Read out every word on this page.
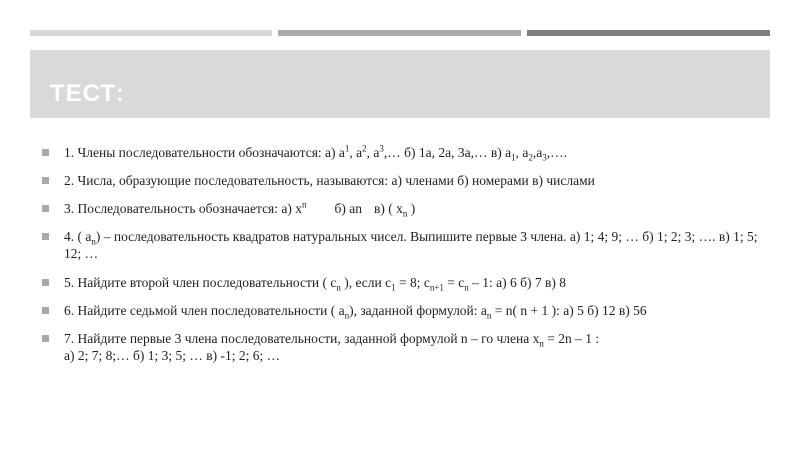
ТЕСТ:
1. Члены последовательности обозначаются: а) $а^1$, $а^2$, $а^3,\dots$ б) 1а, 2а, 3а,… в) $а_1$, $а_2,а_3,\dots$.
2. Числа, образующие последовательность, называются: а) членами б) номерами в) числами
3. Последовательность обозначается: а) $x^n$ б) an в) ( $x_n$ )
4. ( $а_n$) – последовательность квадратов натуральных чисел. Выпишите первые 3 члена. а) 1; 4; 9; … б) 1; 2; 3; …. в) 1; 5; 12; …
5. Найдите второй член последовательности ( $c_n$ ), если $c_1 = 8$; $c_{n+1} = c_n - 1$: а) 6 б) 7 в) 8
6. Найдите седьмой член последовательности ( $а_n$), заданной формулой: $а_n = n$( n + 1 ): а) 5 б) 12 в) 56
7. Найдите первые 3 члена последовательности, заданной формулой n – го члена $x_n = 2n - 1$ :
а) 2; 7; 8;… б) 1; 3; 5; … в) -1; 2; 6; …
